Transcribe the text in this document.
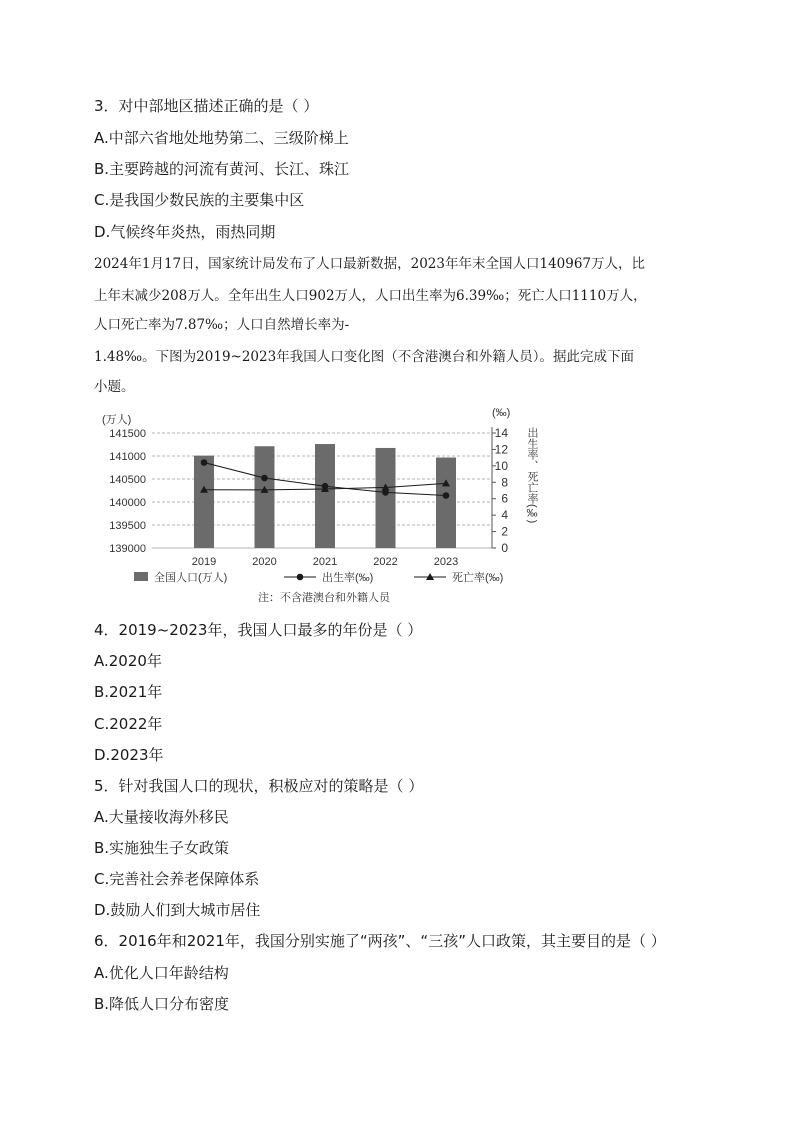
3．对中部地区描述正确的是（ ）
A.中部六省地处地势第二、三级阶梯上
B.主要跨越的河流有黄河、长江、珠江
C.是我国少数民族的主要集中区
D.气候终年炎热，雨热同期
2024年1月17日，国家统计局发布了人口最新数据，2023年年末全国人口140967万人，比
上年末减少208万人。全年出生人口902万人，人口出生率为6.39‰；死亡人口1110万人，
人口死亡率为7.87‰；人口自然增长率为-
1.48‰。下图为2019~2023年我国人口变化图（不含港澳台和外籍人员）。据此完成下面
小题。
141500
141000
140500
140000
139500
139000
(万人)
14
12
10
8
6
4
2
0
(‰)
出生率、死亡率(‰)
2019	2020	2021	2022	2023
全国人口(万人)	出生率(‰)	死亡率(‰)
注：不含港澳台和外籍人员
4．2019~2023年，我国人口最多的年份是（ ）
A.2020年
B.2021年
C.2022年
D.2023年
5．针对我国人口的现状，积极应对的策略是（ ）
A.大量接收海外移民
B.实施独生子女政策
C.完善社会养老保障体系
D.鼓励人们到大城市居住
6．2016年和2021年，我国分别实施了“两孩”、“三孩”人口政策，其主要目的是（ ）
A.优化人口年龄结构
B.降低人口分布密度
